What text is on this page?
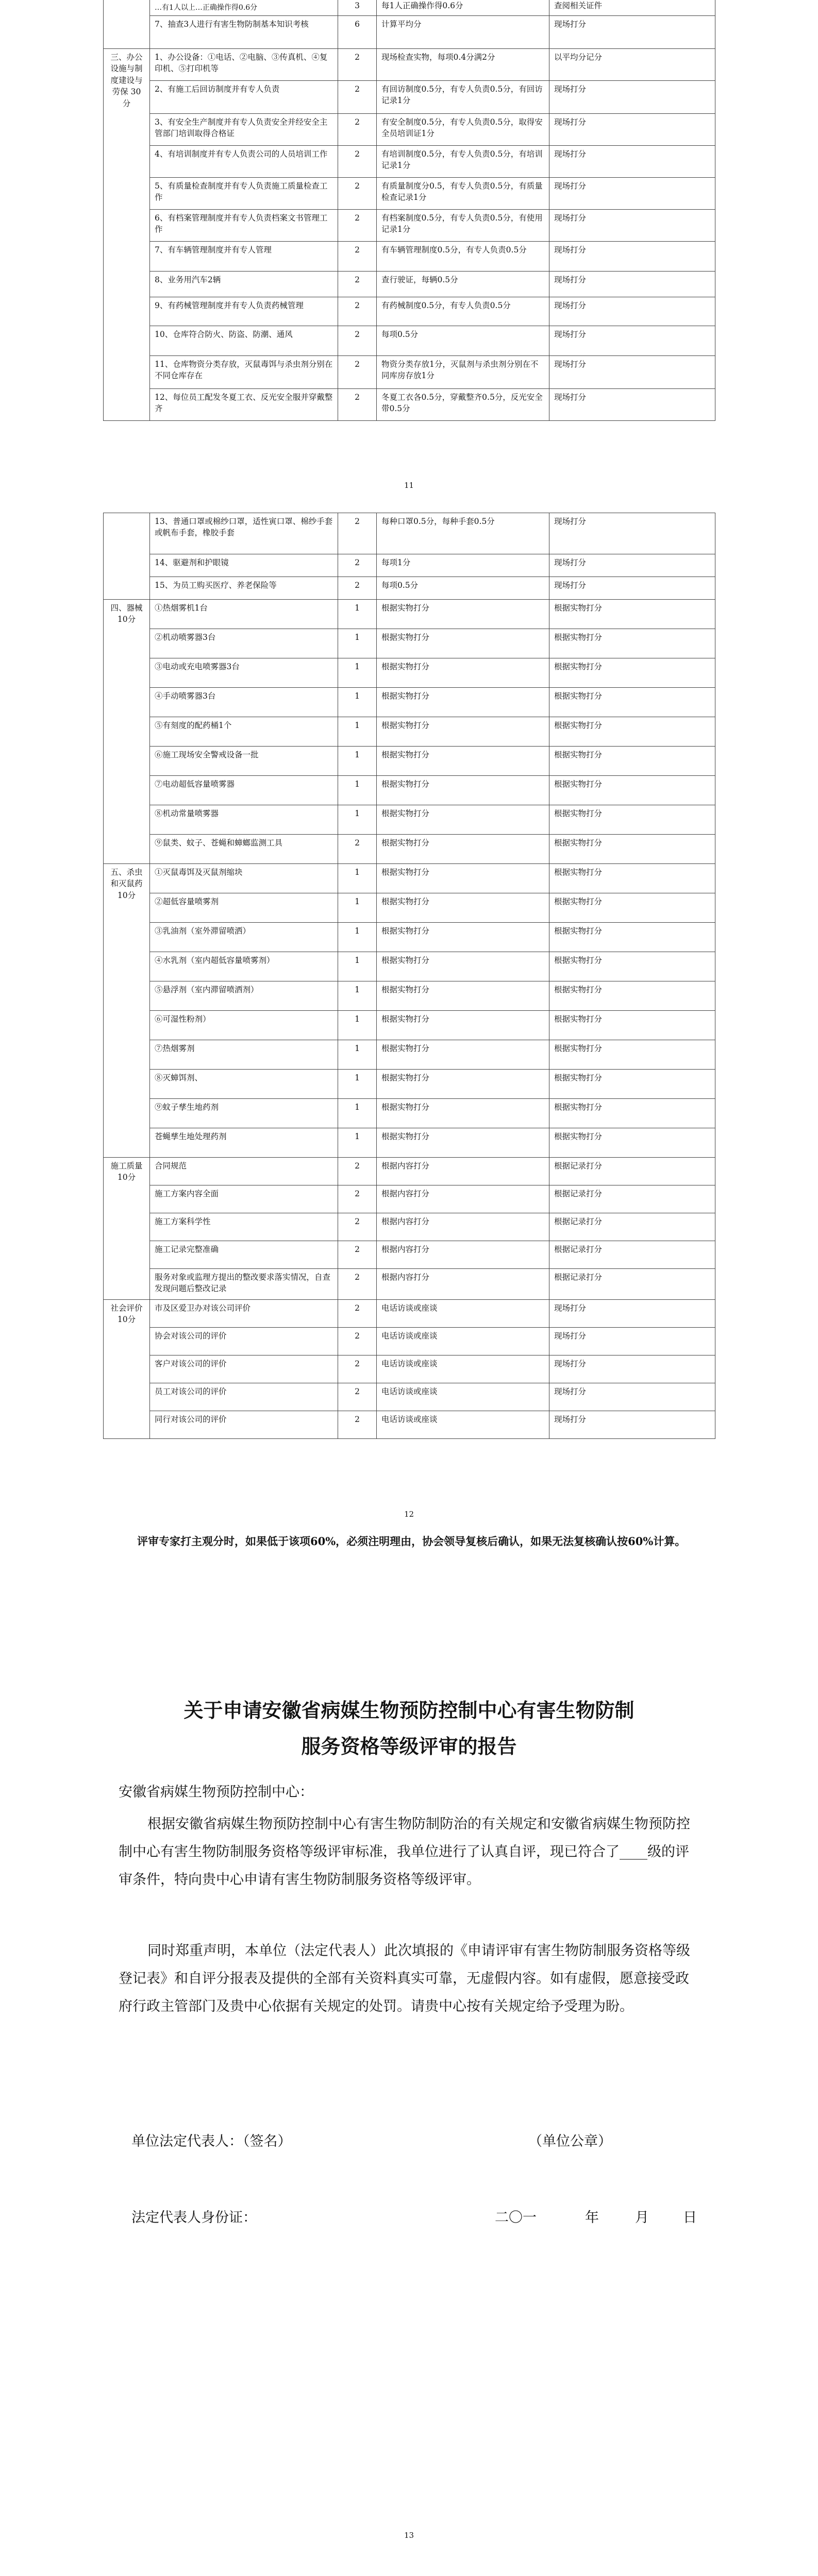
	…有1人以上…正确操作得0.6分	3	每1人正确操作得0.6分	查阅相关证件
	7、抽查3人进行有害生物防制基本知识考核	6	计算平均分	现场打分
三、办公设施与制度建设与劳保 30分	1、办公设备：①电话、②电脑、③传真机、④复印机、⑤打印机等	2	现场检查实物，每项0.4分满2分	以平均分记分
	2、有施工后回访制度并有专人负责	2	有回访制度0.5分，有专人负责0.5分，有回访记录1分	现场打分
	3、有安全生产制度并有专人负责安全并经安全主管部门培训取得合格证	2	有安全制度0.5分，有专人负责0.5分，取得安全员培训证1分	现场打分
	4、有培训制度并有专人负责公司的人员培训工作	2	有培训制度0.5分，有专人负责0.5分，有培训记录1分	现场打分
	5、有质量检查制度并有专人负责施工质量检查工作	2	有质量制度分0.5，有专人负责0.5分，有质量检查记录1分	现场打分
	6、有档案管理制度并有专人负责档案文书管理工作	2	有档案制度0.5分，有专人负责0.5分，有使用记录1分	现场打分
	7、有车辆管理制度并有专人管理	2	有车辆管理制度0.5分，有专人负责0.5分	现场打分
	8、业务用汽车2辆	2	查行驶证，每辆0.5分	现场打分
	9、有药械管理制度并有专人负责药械管理	2	有药械制度0.5分，有专人负责0.5分	现场打分
	10、仓库符合防火、防盗、防潮、通风	2	每项0.5分	现场打分
	11、仓库物资分类存放，灭鼠毒饵与杀虫剂分别在不同仓库存在	2	物资分类存放1分，灭鼠剂与杀虫剂分别在不同库房存放1分	现场打分
	12、每位员工配发冬夏工衣、反光安全服并穿戴整齐	2	冬夏工衣各0.5分，穿戴整齐0.5分，反光安全带0.5分	现场打分
11
	13、普通口罩或棉纱口罩，适性寅口罩、棉纱手套或帆布手套，橡胶手套	2	每种口罩0.5分，每种手套0.5分	现场打分
	14、驱避剂和护眼镜	2	每项1分	现场打分
	15、为员工购买医疗、养老保险等	2	每项0.5分	现场打分
四、器械 10分	①热烟雾机1台	1	根据实物打分	根据实物打分
	②机动喷雾器3台	1	根据实物打分	根据实物打分
	③电动或充电喷雾器3台	1	根据实物打分	根据实物打分
	④手动喷雾器3台	1	根据实物打分	根据实物打分
	⑤有刻度的配药桶1个	1	根据实物打分	根据实物打分
	⑥施工现场安全警戒设备一批	1	根据实物打分	根据实物打分
	⑦电动超低容量喷雾器	1	根据实物打分	根据实物打分
	⑧机动常量喷雾器	1	根据实物打分	根据实物打分
	⑨鼠类、蚊子、苍蝇和蟑螂监测工具	2	根据实物打分	根据实物打分
五、杀虫和灭鼠药 10分	①灭鼠毒饵及灭鼠剂缩块	1	根据实物打分	根据实物打分
	②超低容量喷雾剂	1	根据实物打分	根据实物打分
	③乳油剂（室外滞留喷洒）	1	根据实物打分	根据实物打分
	④水乳剂（室内超低容量喷雾剂）	1	根据实物打分	根据实物打分
	⑤悬浮剂（室内滞留喷洒剂）	1	根据实物打分	根据实物打分
	⑥可湿性粉剂）	1	根据实物打分	根据实物打分
	⑦热烟雾剂	1	根据实物打分	根据实物打分
	⑧灭蟑饵剂、	1	根据实物打分	根据实物打分
	⑨蚊子孳生地药剂	1	根据实物打分	根据实物打分
	苍蝇孳生地处理药剂	1	根据实物打分	根据实物打分
施工质量 10分	合同规范	2	根据内容打分	根据记录打分
	施工方案内容全面	2	根据内容打分	根据记录打分
	施工方案科学性	2	根据内容打分	根据记录打分
	施工记录完整准确	2	根据内容打分	根据记录打分
	服务对象或监理方提出的整改要求落实情况，自查发现问题后整改记录	2	根据内容打分	根据记录打分
社会评价 10分	市及区爱卫办对该公司评价	2	电话访谈或座谈	现场打分
	协会对该公司的评价	2	电话访谈或座谈	现场打分
	客户对该公司的评价	2	电话访谈或座谈	现场打分
	员工对该公司的评价	2	电话访谈或座谈	现场打分
	同行对该公司的评价	2	电话访谈或座谈	现场打分
12
评审专家打主观分时，如果低于该项60%，必须注明理由，协会领导复核后确认，如果无法复核确认按60%计算。
关于申请安徽省病媒生物预防控制中心有害生物防制
服务资格等级评审的报告
安徽省病媒生物预防控制中心：
根据安徽省病媒生物预防控制中心有害生物防制防治的有关规定和安徽省病媒生物预防控制中心有害生物防制服务资格等级评审标准，我单位进行了认真自评，现已符合了____级的评审条件，特向贵中心申请有害生物防制服务资格等级评审。
同时郑重声明，本单位（法定代表人）此次填报的《申请评审有害生物防制服务资格等级登记表》和自评分报表及提供的全部有关资料真实可靠，无虚假内容。如有虚假，愿意接受政府行政主管部门及贵中心依据有关规定的处罚。请贵中心按有关规定给予受理为盼。
单位法定代表人：（签名）	（单位公章）
法定代表人身份证：	二〇一	年	月 日
13
